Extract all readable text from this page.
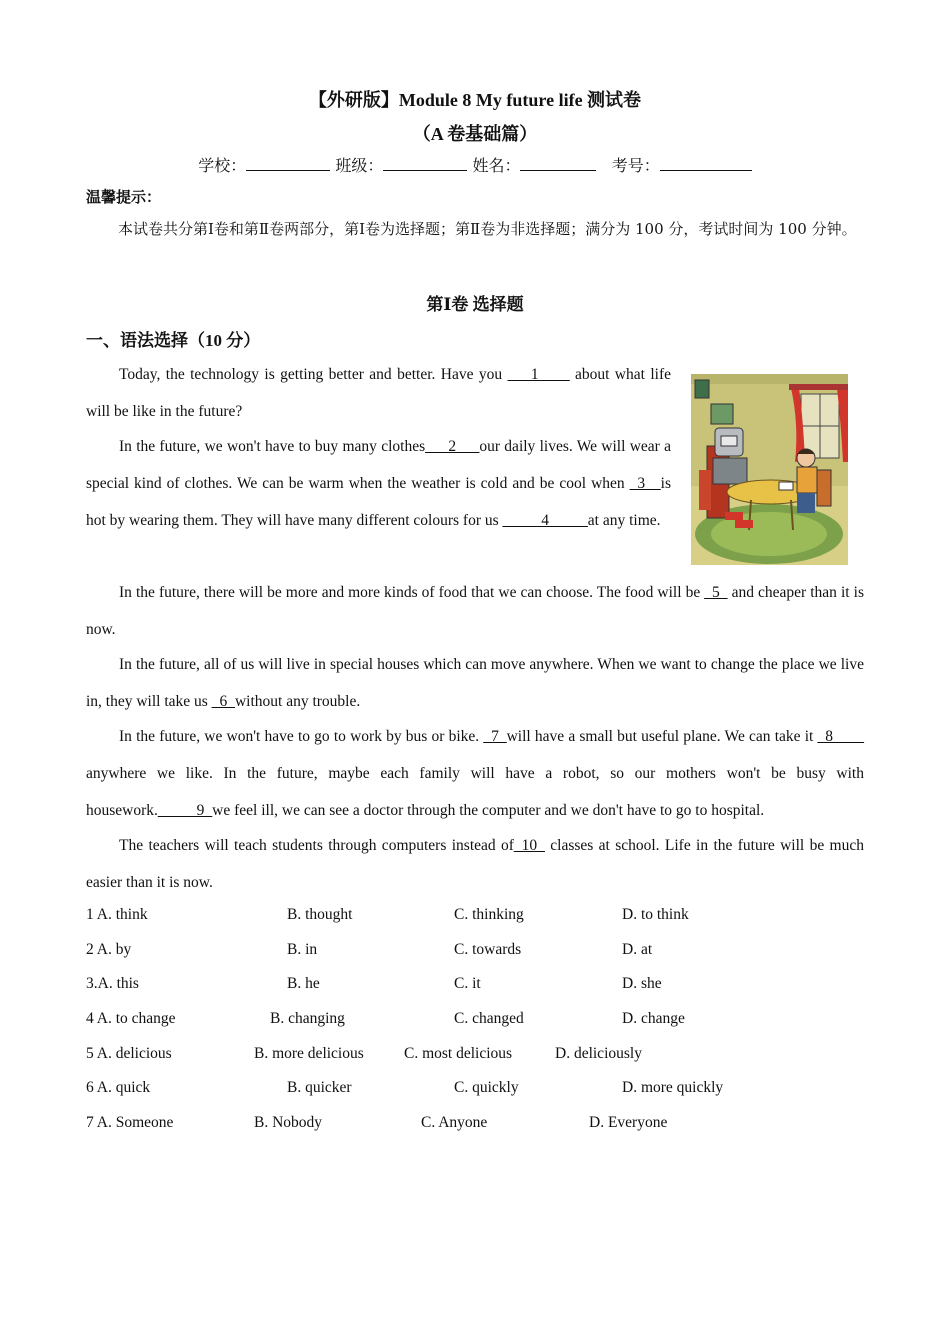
【外研版】Module 8 My future life 测试卷
（A 卷基础篇）
学校：	班级：	姓名：	考号：
温馨提示：
本试卷共分第Ⅰ卷和第Ⅱ卷两部分，第Ⅰ卷为选择题；第Ⅱ卷为非选择题；满分为 100 分，考试时间为 100 分钟。
第Ⅰ卷 选择题
一、语法选择（10 分）
Today, the technology is getting better and better. Have you ___1____ about what life will be like in the future?
In the future, we won't have to buy many clothes___2___our daily lives. We will wear a special kind of clothes. We can be warm when the weather is cold and be cool when _3__is hot by wearing them. They will have many different colours for us _____4_____at any time.
In the future, there will be more and more kinds of food that we can choose. The food will be _5_ and cheaper than it is now.
In the future, all of us will live in special houses which can move anywhere. When we want to change the place we live in, they will take us _6_without any trouble.
In the future, we won't have to go to work by bus or bike. _7_will have a small but useful plane. We can take it _8____ anywhere we like. In the future, maybe each family will have a robot, so our mothers won't be busy with housework._____9_we feel ill, we can see a doctor through the computer and we don't have to go to hospital.
The teachers will teach students through computers instead of_10_ classes at school. Life in the future will be much easier than it is now.
1 A. think	B. thought	C. thinking	D. to think
2 A. by	B. in	C. towards	D. at
3.A. this	B. he	C. it	D. she
4 A. to change	B. changing	C. changed	D. change
5 A. delicious	B. more delicious	C. most delicious	D. deliciously
6 A. quick	B. quicker	C. quickly	D. more quickly
7 A. Someone	B. Nobody	C. Anyone	D. Everyone
